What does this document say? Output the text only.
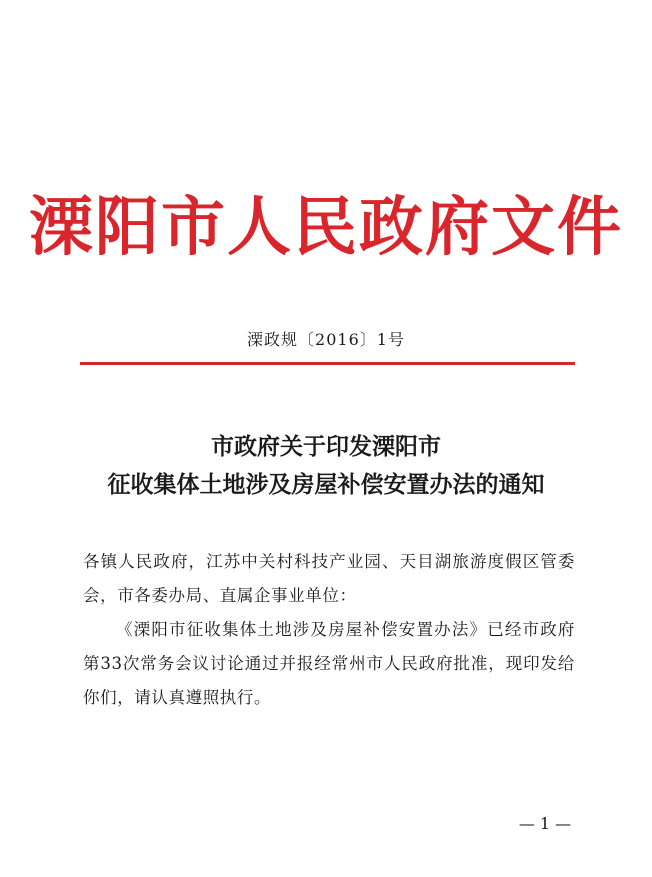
溧阳市人民政府文件
溧政规〔2016〕1号
市政府关于印发溧阳市
征收集体土地涉及房屋补偿安置办法的通知

各镇人民政府，江苏中关村科技产业园、天目湖旅游度假区管委会，市各委办局、直属企事业单位：

《溧阳市征收集体土地涉及房屋补偿安置办法》已经市政府第33次常务会议讨论通过并报经常州市人民政府批准，现印发给你们，请认真遵照执行。

— 1 —
